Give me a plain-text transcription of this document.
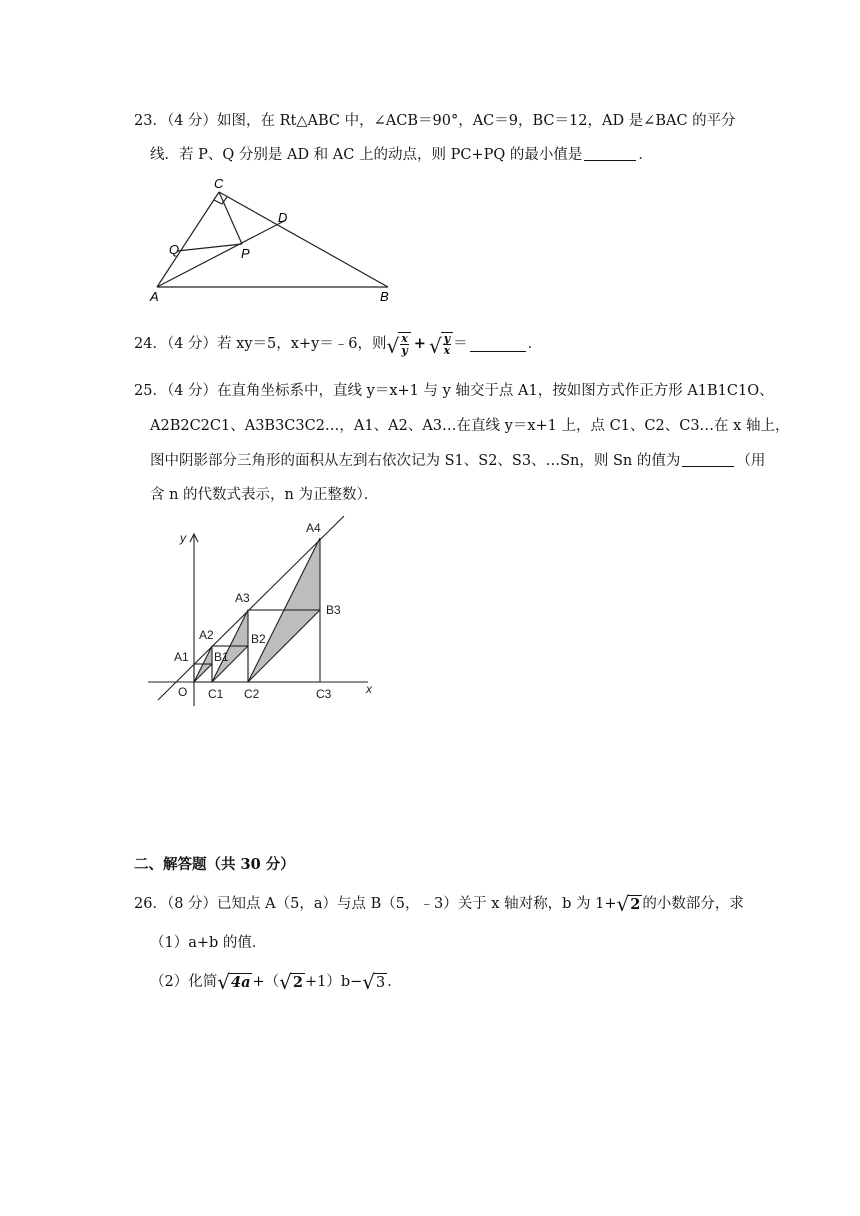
23．（4 分）如图，在 Rt△ABC 中，∠ACB＝90°，AC＝9，BC＝12，AD 是∠BAC 的平分
线．若 P、Q 分别是 AD 和 AC 上的动点，则 PC+PQ 的最小值是	．
C
D
Q	P
A	B
24．（4 分）若 xy＝5，x+y＝﹣6，则 √ $\frac{x}{y}$ + √ $\frac{y}{x}$ ＝	．
25．（4 分）在直角坐标系中，直线 y＝x+1 与 y 轴交于点 A1，按如图方式作正方形 A1B1C1O、
A2B2C2C1、A3B3C3C2…，A1、A2、A3…在直线 y＝x+1 上，点 C1、C2、C3…在 x 轴上，
图中阴影部分三角形的面积从左到右依次记为 S1、S2、S3、…Sn，则 Sn 的值为	（用
含 n 的代数式表示，n 为正整数）．
y
x
O
A1
A2
A3
A4
B1
B2
B3
C1 C2	C3
二、解答题（共 30 分）
26．（8 分）已知点 A（5，a）与点 B（5，﹣3）关于 x 轴对称，b 为 1+ √ 2 的小数部分，求
（1）a+b 的值．
（2）化简 √ 4a +（ √ 2 +1）b− √ 3 ．
